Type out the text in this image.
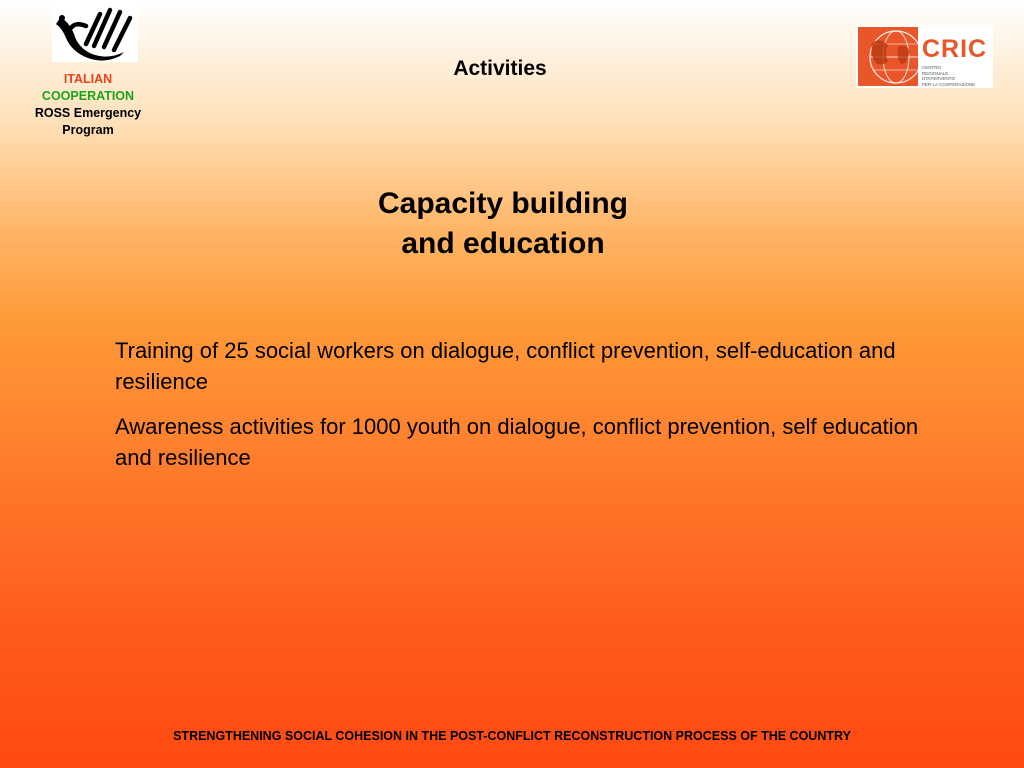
ITALIAN
COOPERATION
ROSS Emergency
Program
Activities
CRIC
CENTRO
REGIONALE
D'INTERVENTO
PER LA COOPERAZIONE
Capacity building
and education

Training of 25 social workers on dialogue, conflict prevention, self-education and resilience

Awareness activities for 1000 youth on dialogue, conflict prevention, self education and resilience

STRENGTHENING SOCIAL COHESION IN THE POST-CONFLICT RECONSTRUCTION PROCESS OF THE COUNTRY
